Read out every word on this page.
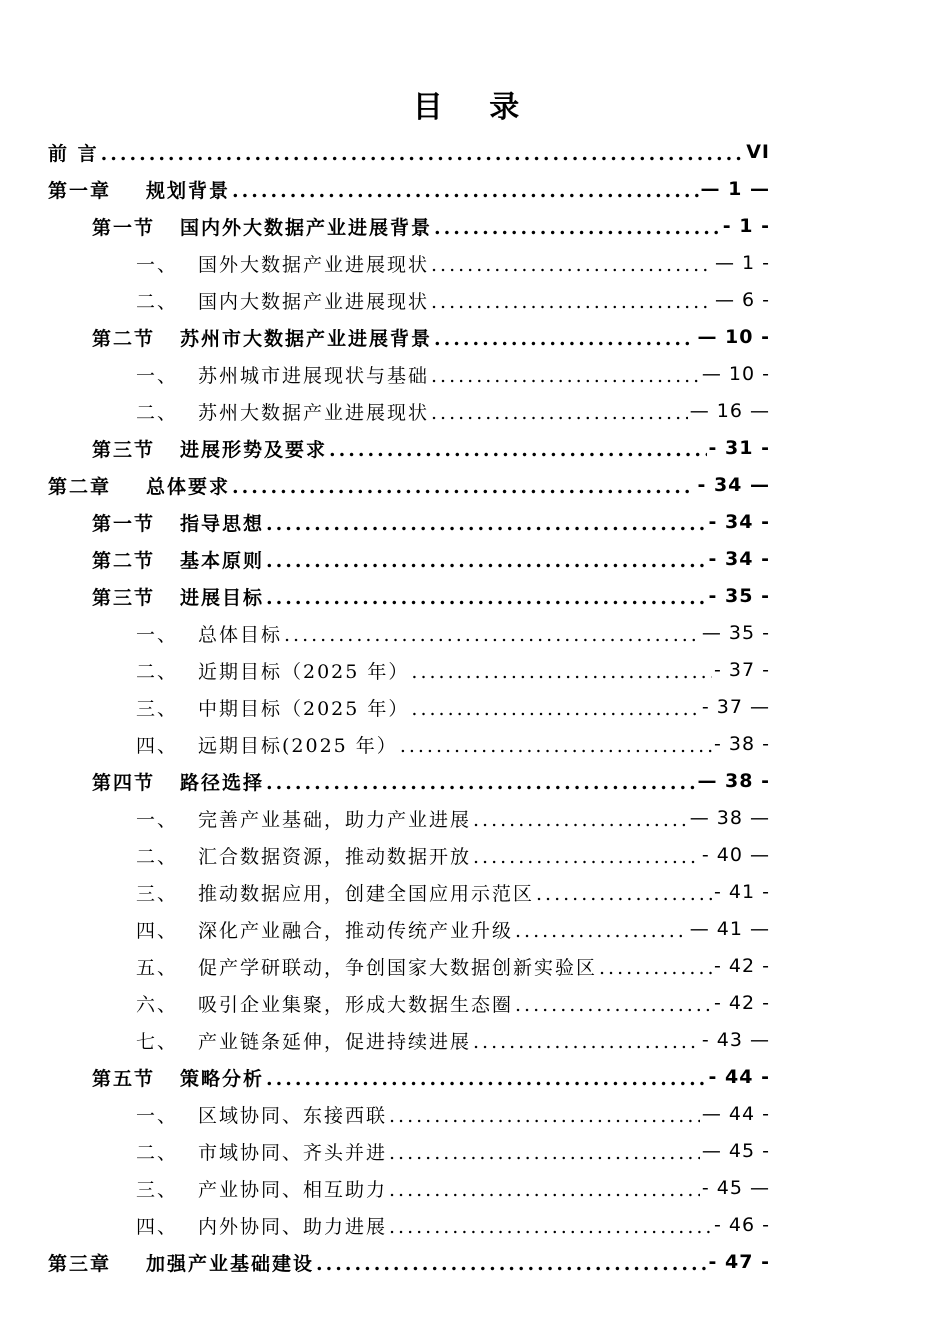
目 录
前 言 .....	VI
第一章 规划背景 .....	— 1 —
第一节 国内外大数据产业进展背景 .....	- 1 -
一、 国外大数据产业进展现状 .....	— 1 -
二、 国内大数据产业进展现状 .....	— 6 -
第二节 苏州市大数据产业进展背景 .....	— 10 -
一、 苏州城市进展现状与基础 .....	— 10 -
二、 苏州大数据产业进展现状 .....	— 16 —
第三节 进展形势及要求 .....	- 31 -
第二章 总体要求 .....	- 34 —
第一节 指导思想 .....	- 34 -
第二节 基本原则 .....	- 34 -
第三节 进展目标 .....	- 35 -
一、 总体目标 .....	— 35 -
二、 近期目标（2025 年） .....	- 37 -
三、 中期目标（2025 年） .....	- 37 —
四、 远期目标(2025 年） .....	- 38 -
第四节 路径选择 .....	— 38 -
一、 完善产业基础，助力产业进展 .....	— 38 —
二、 汇合数据资源，推动数据开放 .....	- 40 —
三、 推动数据应用，创建全国应用示范区 .....	- 41 -
四、 深化产业融合，推动传统产业升级 .....	— 41 —
五、 促产学研联动，争创国家大数据创新实验区 .....	- 42 -
六、 吸引企业集聚，形成大数据生态圈 .....	- 42 -
七、 产业链条延伸，促进持续进展 .....	- 43 —
第五节 策略分析 .....	- 44 -
一、 区域协同、东接西联 .....	— 44 -
二、 市域协同、齐头并进 .....	— 45 -
三、 产业协同、相互助力 .....	- 45 —
四、 内外协同、助力进展 .....	- 46 -
第三章 加强产业基础建设 .....	- 47 -
